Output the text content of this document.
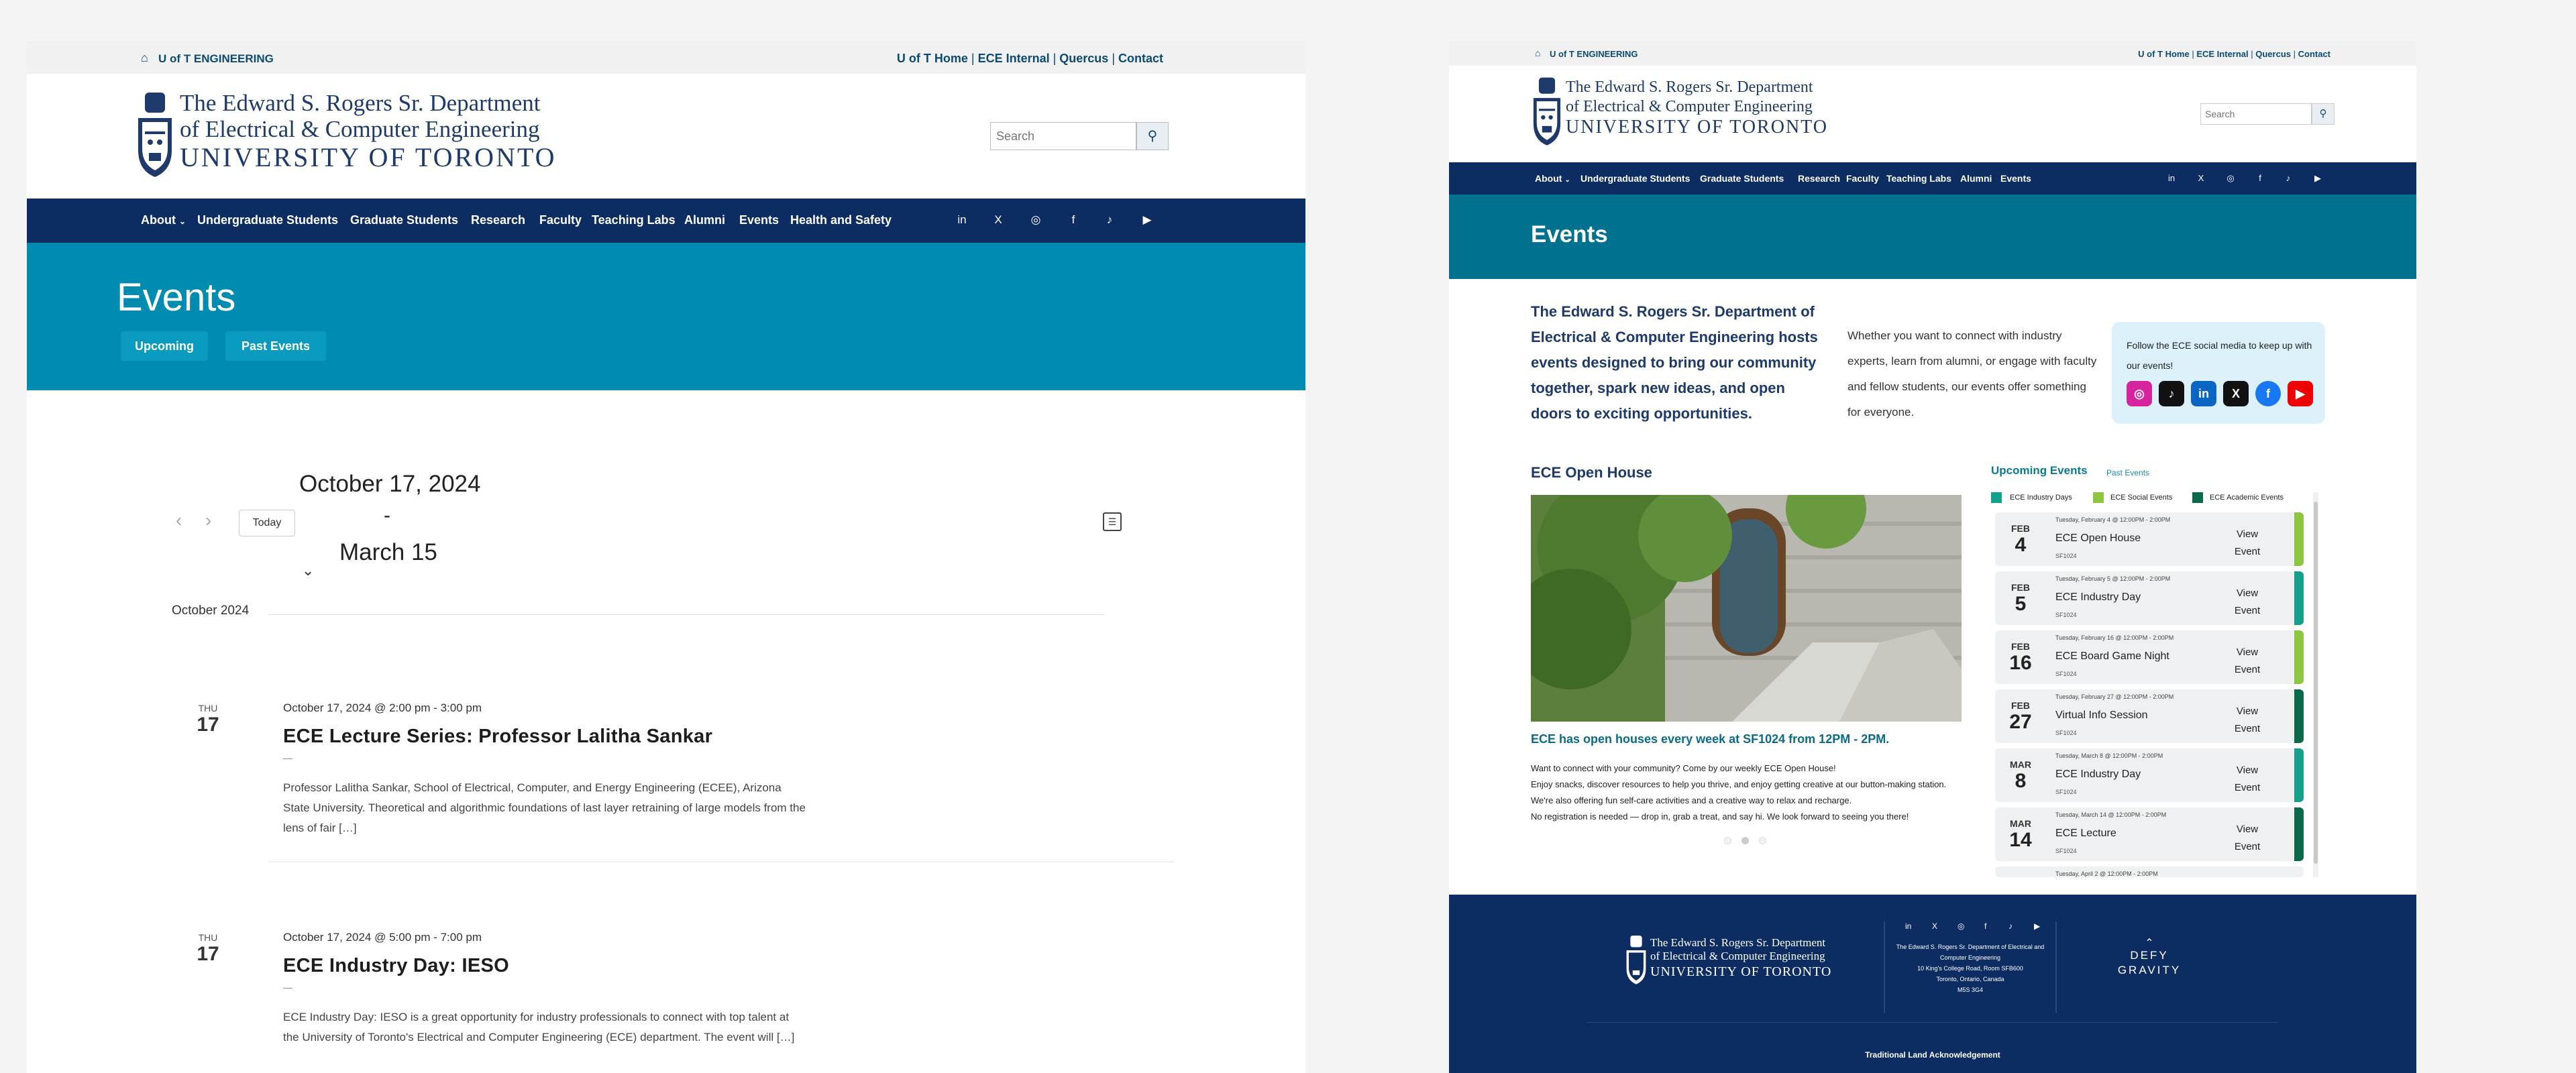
⌂ U of T ENGINEERING	U of T Home | ECE Internal | Quercus | Contact
The Edward S. Rogers Sr. Department
of Electrical & Computer Engineering
UNIVERSITY OF TORONTO
Search
⚲
About ⌄ Undergraduate Students Graduate Students Research Faculty Teaching Labs Alumni Events Health and Safety	in	X	◎	f	♪	▶
Events
Upcoming	Past Events
‹ ›	Today
October 17, 2024
-
March 15
⌄
☰
October 2024
THU
17
October 17, 2024 @ 2:00 pm - 3:00 pm
ECE Lecture Series: Professor Lalitha Sankar
—
Professor Lalitha Sankar, School of Electrical, Computer, and Energy Engineering (ECEE), Arizona State University. Theoretical and algorithmic foundations of last layer retraining of large models from the lens of fair […]
THU
17
October 17, 2024 @ 5:00 pm - 7:00 pm
ECE Industry Day: IESO
—
ECE Industry Day: IESO is a great opportunity for industry professionals to connect with top talent at the University of Toronto's Electrical and Computer Engineering (ECE) department. The event will […]
⌂ U of T ENGINEERING	U of T Home | ECE Internal | Quercus | Contact
The Edward S. Rogers Sr. Department
of Electrical & Computer Engineering
UNIVERSITY OF TORONTO
Search
⚲
About ⌄ Undergraduate Students Graduate Students Research Faculty Teaching Labs Alumni Events	in	X	◎	f	♪	▶
Events
The Edward S. Rogers Sr. Department of Electrical & Computer Engineering hosts events designed to bring our community together, spark new ideas, and open doors to exciting opportunities.
Whether you want to connect with industry experts, learn from alumni, or engage with faculty and fellow students, our events offer something for everyone.
Follow the ECE social media to keep up with our events!
◎	♪	in	X	f	▶
ECE Open House
ECE has open houses every week at SF1024 from 12PM - 2PM.
Want to connect with your community? Come by our weekly ECE Open House!
Enjoy snacks, discover resources to help you thrive, and enjoy getting creative at our button-making station. We're also offering fun self-care activities and a creative way to relax and recharge.
No registration is needed — drop in, grab a treat, and say hi. We look forward to seeing you there!
Upcoming Events Past Events
ECE Industry Days	ECE Social Events	ECE Academic Events
FEB
4
Tuesday, February 4 @ 12:00PM - 2:00PM
ECE Open House
SF1024
View Event
FEB
5
Tuesday, February 5 @ 12:00PM - 2:00PM
ECE Industry Day
SF1024
View Event
FEB
16
Tuesday, February 16 @ 12:00PM - 2:00PM
ECE Board Game Night
SF1024
View Event
FEB
27
Tuesday, February 27 @ 12:00PM - 2:00PM
Virtual Info Session
SF1024
View Event
MAR
8
Tuesday, March 8 @ 12:00PM - 2:00PM
ECE Industry Day
SF1024
View Event
MAR
14
Tuesday, March 14 @ 12:00PM - 2:00PM
ECE Lecture
SF1024
View Event
Tuesday, April 2 @ 12:00PM - 2:00PM
The Edward S. Rogers Sr. Department
of Electrical & Computer Engineering
UNIVERSITY OF TORONTO
in	X ◎ f	♪	▶
The Edward S. Rogers Sr. Department of Electrical and
Computer Engineering
10 King's College Road, Room SFB600
Toronto, Ontario, Canada
M5S 3G4
⌃
DEFY
GRAVITY
Traditional Land Acknowledgement
